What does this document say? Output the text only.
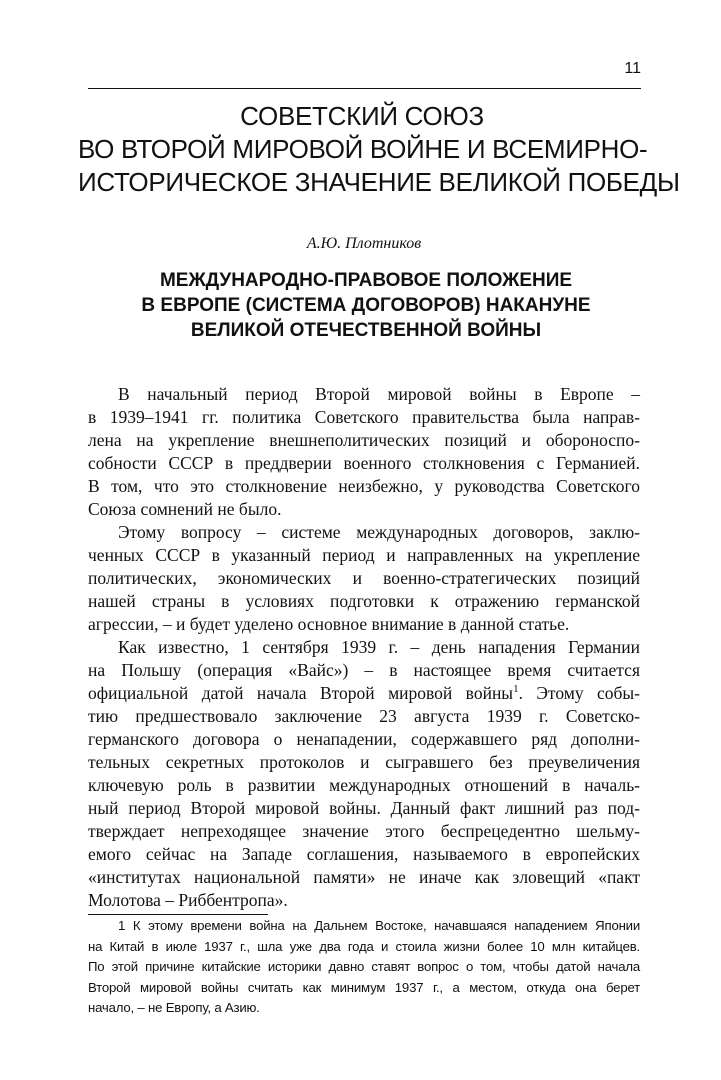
11
СОВЕТСКИЙ СОЮЗ
ВО ВТОРОЙ МИРОВОЙ ВОЙНЕ И ВСЕМИРНО-
ИСТОРИЧЕСКОЕ ЗНАЧЕНИЕ ВЕЛИКОЙ ПОБЕДЫ
А.Ю. Плотников
МЕЖДУНАРОДНО-ПРАВОВОЕ ПОЛОЖЕНИЕ
В ЕВРОПЕ (СИСТЕМА ДОГОВОРОВ) НАКАНУНЕ
ВЕЛИКОЙ ОТЕЧЕСТВЕННОЙ ВОЙНЫ
В начальный период Второй мировой войны в Европе –
в 1939–1941 гг. политика Советского правительства была направ-
лена на укрепление внешнеполитических позиций и обороноспо-
собности СССР в преддверии военного столкновения с Германией.
В том, что это столкновение неизбежно, у руководства Советского
Союза сомнений не было.
Этому вопросу – системе международных договоров, заклю-
ченных СССР в указанный период и направленных на укрепление
политических, экономических и военно-стратегических позиций
нашей страны в условиях подготовки к отражению германской
агрессии, – и будет уделено основное внимание в данной статье.
Как известно, 1 сентября 1939 г. – день нападения Германии
на Польшу (операция «Вайс») – в настоящее время считается
официальной датой начала Второй мировой войны$^1$. Этому собы-
тию предшествовало заключение 23 августа 1939 г. Советско-
германского договора о ненападении, содержавшего ряд дополни-
тельных секретных протоколов и сыгравшего без преувеличения
ключевую роль в развитии международных отношений в началь-
ный период Второй мировой войны. Данный факт лишний раз под-
тверждает непреходящее значение этого беспрецедентно шельму-
емого сейчас на Западе соглашения, называемого в европейских
«институтах национальной памяти» не иначе как зловещий «пакт
Молотова – Риббентропа».
1 К этому времени война на Дальнем Востоке, начавшаяся нападением Японии
на Китай в июле 1937 г., шла уже два года и стоила жизни более 10 млн китайцев.
По этой причине китайские историки давно ставят вопрос о том, чтобы датой начала
Второй мировой войны считать как минимум 1937 г., а местом, откуда она берет
начало, – не Европу, а Азию.
